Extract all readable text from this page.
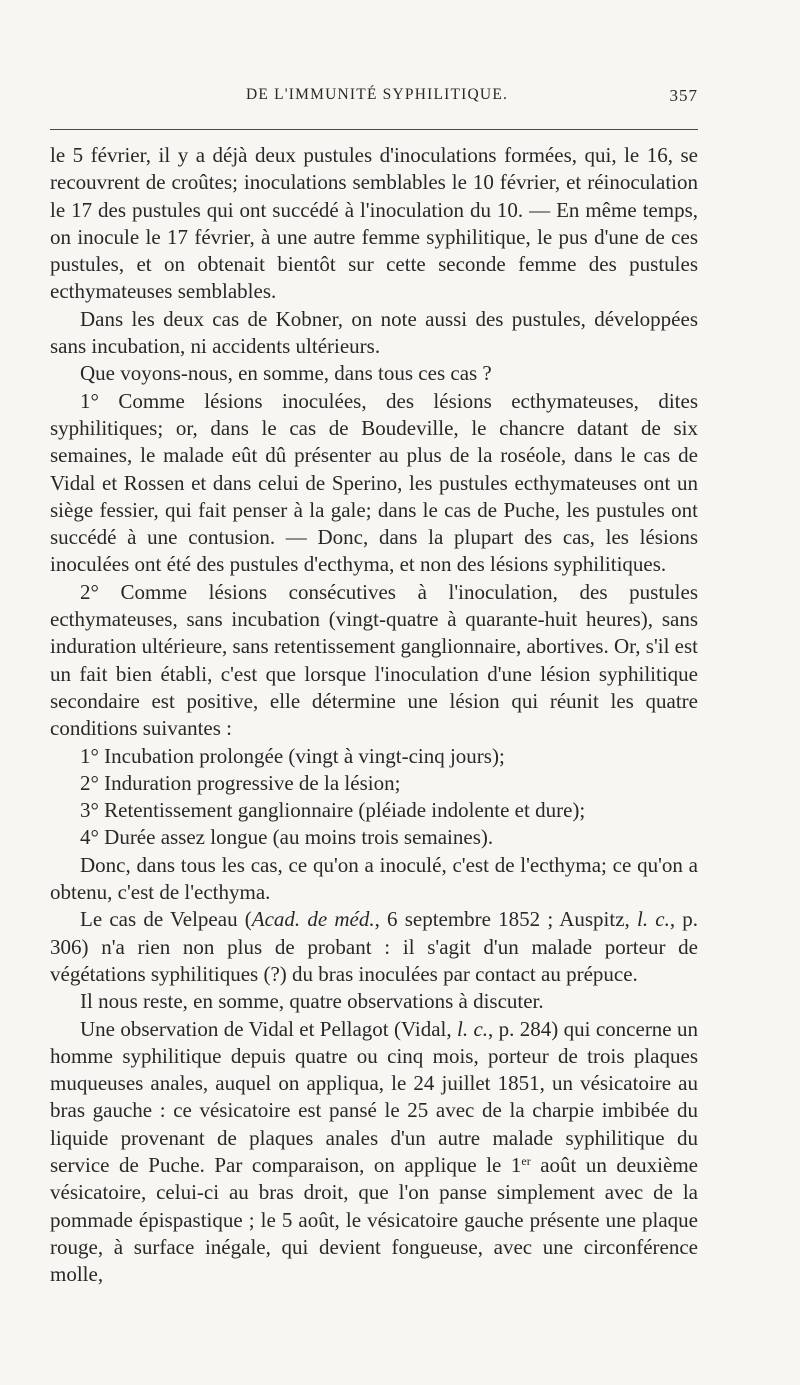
DE L'IMMUNITÉ SYPHILITIQUE.	357

le 5 février, il y a déjà deux pustules d'inoculations formées, qui, le 16, se recouvrent de croûtes; inoculations semblables le 10 février, et réinoculation le 17 des pustules qui ont succédé à l'inoculation du 10. — En même temps, on inocule le 17 février, à une autre femme syphilitique, le pus d'une de ces pustules, et on obtenait bientôt sur cette seconde femme des pustules ecthymateuses semblables.

Dans les deux cas de Kobner, on note aussi des pustules, développées sans incubation, ni accidents ultérieurs.

Que voyons-nous, en somme, dans tous ces cas ?

1° Comme lésions inoculées, des lésions ecthymateuses, dites syphilitiques; or, dans le cas de Boudeville, le chancre datant de six semaines, le malade eût dû présenter au plus de la roséole, dans le cas de Vidal et Rossen et dans celui de Sperino, les pustules ecthymateuses ont un siège fessier, qui fait penser à la gale; dans le cas de Puche, les pustules ont succédé à une contusion. — Donc, dans la plupart des cas, les lésions inoculées ont été des pustules d'ecthyma, et non des lésions syphilitiques.

2° Comme lésions consécutives à l'inoculation, des pustules ecthymateuses, sans incubation (vingt-quatre à quarante-huit heures), sans induration ultérieure, sans retentissement ganglionnaire, abortives. Or, s'il est un fait bien établi, c'est que lorsque l'inoculation d'une lésion syphilitique secondaire est positive, elle détermine une lésion qui réunit les quatre conditions suivantes :

1° Incubation prolongée (vingt à vingt-cinq jours);

2° Induration progressive de la lésion;

3° Retentissement ganglionnaire (pléiade indolente et dure);

4° Durée assez longue (au moins trois semaines).

Donc, dans tous les cas, ce qu'on a inoculé, c'est de l'ecthyma; ce qu'on a obtenu, c'est de l'ecthyma.

Le cas de Velpeau (Acad. de méd., 6 septembre 1852 ; Auspitz, l. c., p. 306) n'a rien non plus de probant : il s'agit d'un malade porteur de végétations syphilitiques (?) du bras inoculées par contact au prépuce.

Il nous reste, en somme, quatre observations à discuter.

Une observation de Vidal et Pellagot (Vidal, l. c., p. 284) qui concerne un homme syphilitique depuis quatre ou cinq mois, porteur de trois plaques muqueuses anales, auquel on appliqua, le 24 juillet 1851, un vésicatoire au bras gauche : ce vésicatoire est pansé le 25 avec de la charpie imbibée du liquide provenant de plaques anales d'un autre malade syphilitique du service de Puche. Par comparaison, on applique le 1er août un deuxième vésicatoire, celui-ci au bras droit, que l'on panse simplement avec de la pommade épispastique ; le 5 août, le vésicatoire gauche présente une plaque rouge, à surface inégale, qui devient fongueuse, avec une circonférence molle,
